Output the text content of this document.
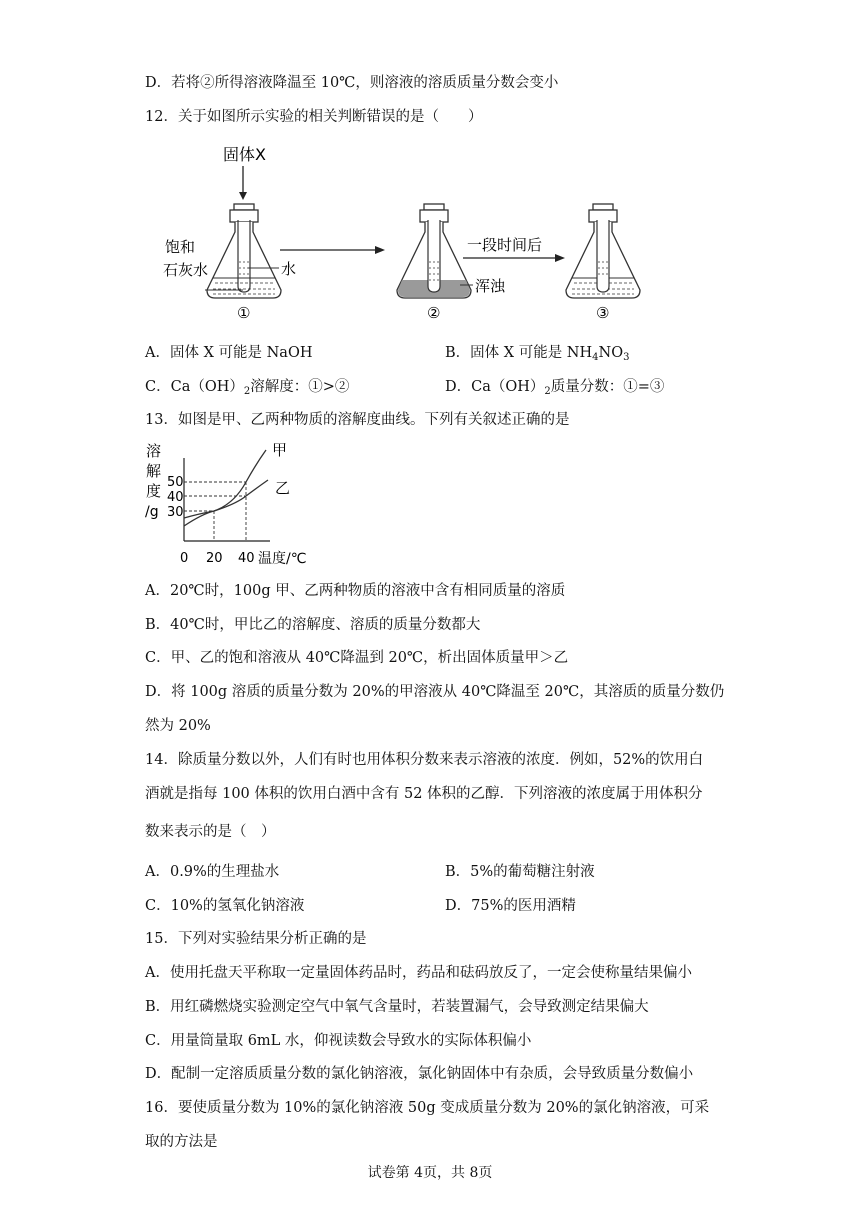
D．若将②所得溶液降温至 10℃，则溶液的溶质质量分数会变小
12．关于如图所示实验的相关判断错误的是（　　）
固体X
饱和
石灰水	水
①
浑浊
②
一段时间后
③
A．固体 X 可能是 NaOH	B．固体 X 可能是 $NH_4NO_3$
C．$Ca(OH)_2$溶解度：①>②	D．$Ca(OH)_2$质量分数：①=③
13．如图是甲、乙两种物质的溶解度曲线。下列有关叙述正确的是
溶
解
度
/g
50
40
30
甲
乙
0 20 40 温度/℃
A．20℃时，100g 甲、乙两种物质的溶液中含有相同质量的溶质
B．40℃时，甲比乙的溶解度、溶质的质量分数都大
C．甲、乙的饱和溶液从 40℃降温到 20℃，析出固体质量甲＞乙
D．将 100g 溶质的质量分数为 20%的甲溶液从 40℃降温至 20℃，其溶质的质量分数仍
然为 20%
14．除质量分数以外，人们有时也用体积分数来表示溶液的浓度．例如，52%的饮用白
酒就是指每 100 体积的饮用白酒中含有 52 体积的乙醇．下列溶液的浓度属于用体积分
数来表示的是（　）
A．0.9%的生理盐水	B．5%的葡萄糖注射液
C．10%的氢氧化钠溶液	D．75%的医用酒精
15．下列对实验结果分析正确的是
A．使用托盘天平称取一定量固体药品时，药品和砝码放反了，一定会使称量结果偏小
B．用红磷燃烧实验测定空气中氧气含量时，若装置漏气，会导致测定结果偏大
C．用量筒量取 6mL 水，仰视读数会导致水的实际体积偏小
D．配制一定溶质质量分数的氯化钠溶液，氯化钠固体中有杂质，会导致质量分数偏小
16．要使质量分数为 10%的氯化钠溶液 50g 变成质量分数为 20%的氯化钠溶液，可采
取的方法是
试卷第 4页，共 8页
